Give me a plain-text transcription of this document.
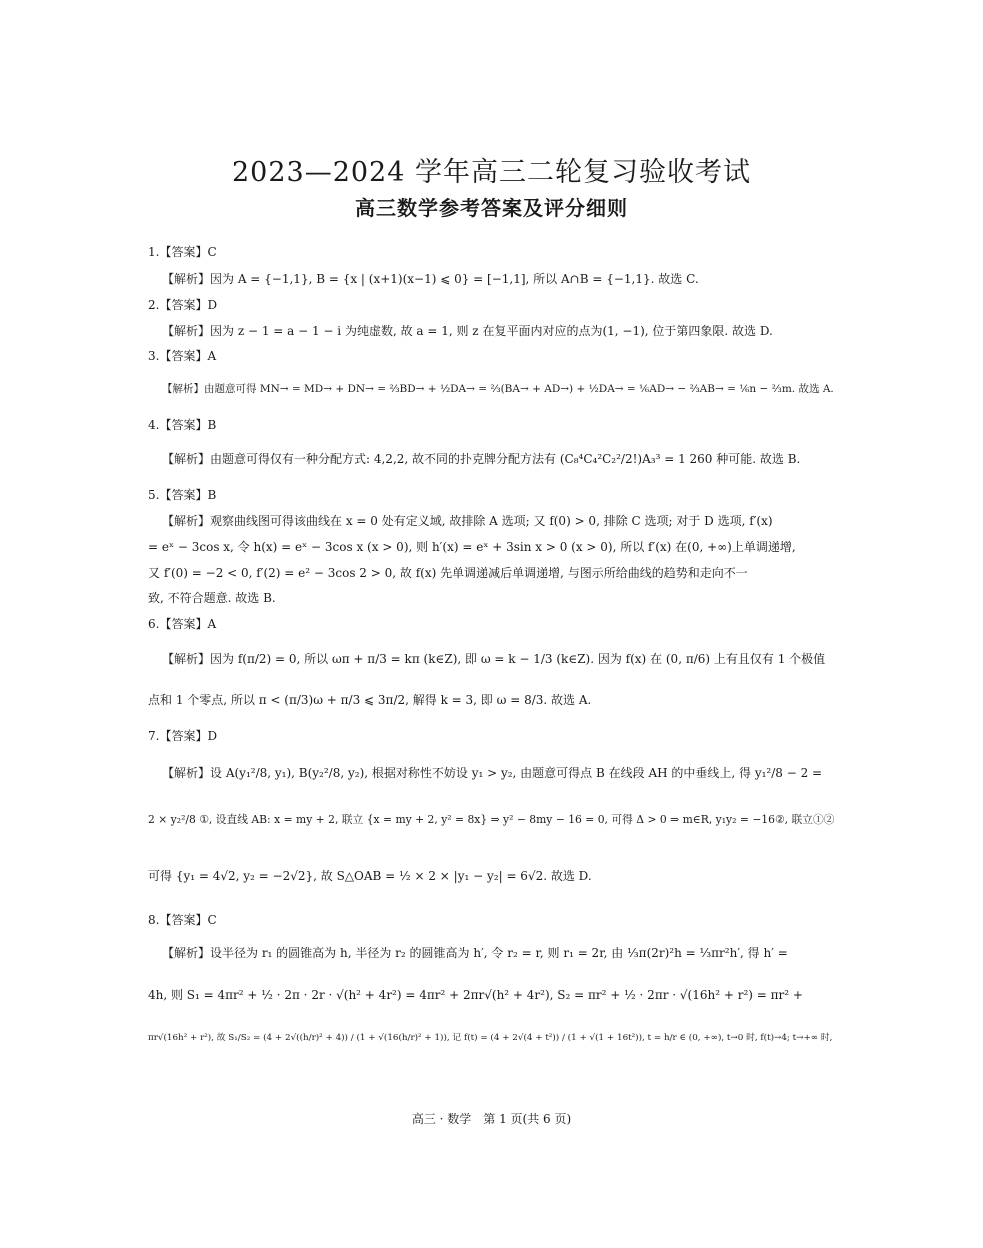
2023—2024 学年高三二轮复习验收考试
高三数学参考答案及评分细则
1.【答案】C
【解析】因为 A = {−1,1}, B = {x | (x+1)(x−1) ⩽ 0} = [−1,1], 所以 A∩B = {−1,1}. 故选 C.
2.【答案】D
【解析】因为 z − 1 = a − 1 − i 为纯虚数, 故 a = 1, 则 z 在复平面内对应的点为(1, −1), 位于第四象限. 故选 D.
3.【答案】A
【解析】由题意可得 MN→ = MD→ + DN→ = ⅔BD→ + ½DA→ = ⅔(BA→ + AD→) + ½DA→ = ⅙AD→ − ⅔AB→ = ⅙n − ⅔m. 故选 A.
4.【答案】B
【解析】由题意可得仅有一种分配方式: 4,2,2, 故不同的扑克牌分配方法有 (C₈⁴C₄²C₂²/2!)A₃³ = 1 260 种可能. 故选 B.
5.【答案】B
【解析】观察曲线图可得该曲线在 x = 0 处有定义域, 故排除 A 选项; 又 f(0) > 0, 排除 C 选项; 对于 D 选项, f′(x)
= eˣ − 3cos x, 令 h(x) = eˣ − 3cos x (x > 0), 则 h′(x) = eˣ + 3sin x > 0 (x > 0), 所以 f′(x) 在(0, +∞)上单调递增,
又 f′(0) = −2 < 0, f′(2) = e² − 3cos 2 > 0, 故 f(x) 先单调递减后单调递增, 与图示所给曲线的趋势和走向不一
致, 不符合题意. 故选 B.
6.【答案】A
【解析】因为 f(π/2) = 0, 所以 ωπ + π/3 = kπ (k∈Z), 即 ω = k − 1/3 (k∈Z). 因为 f(x) 在 (0, π/6) 上有且仅有 1 个极值
点和 1 个零点, 所以 π < (π/3)ω + π/3 ⩽ 3π/2, 解得 k = 3, 即 ω = 8/3. 故选 A.
7.【答案】D
【解析】设 A(y₁²/8, y₁), B(y₂²/8, y₂), 根据对称性不妨设 y₁ > y₂, 由题意可得点 B 在线段 AH 的中垂线上, 得 y₁²/8 − 2 =
2 × y₂²/8 ①, 设直线 AB: x = my + 2, 联立 {x = my + 2, y² = 8x} ⇒ y² − 8my − 16 = 0, 可得 Δ > 0 ⇒ m∈R, y₁y₂ = −16②, 联立①②
可得 {y₁ = 4√2, y₂ = −2√2}, 故 S△OAB = ½ × 2 × |y₁ − y₂| = 6√2. 故选 D.
8.【答案】C
【解析】设半径为 r₁ 的圆锥高为 h, 半径为 r₂ 的圆锥高为 h′, 令 r₂ = r, 则 r₁ = 2r, 由 ⅓π(2r)²h = ⅓πr²h′, 得 h′ =
4h, 则 S₁ = 4πr² + ½ · 2π · 2r · √(h² + 4r²) = 4πr² + 2πr√(h² + 4r²), S₂ = πr² + ½ · 2πr · √(16h² + r²) = πr² +
πr√(16h² + r²), 故 S₁/S₂ = (4 + 2√((h/r)² + 4)) / (1 + √(16(h/r)² + 1)), 记 f(t) = (4 + 2√(4 + t²)) / (1 + √(1 + 16t²)), t = h/r ∈ (0, +∞), t→0 时, f(t)→4; t→+∞ 时,
高三 · 数学　第 1 页(共 6 页)
